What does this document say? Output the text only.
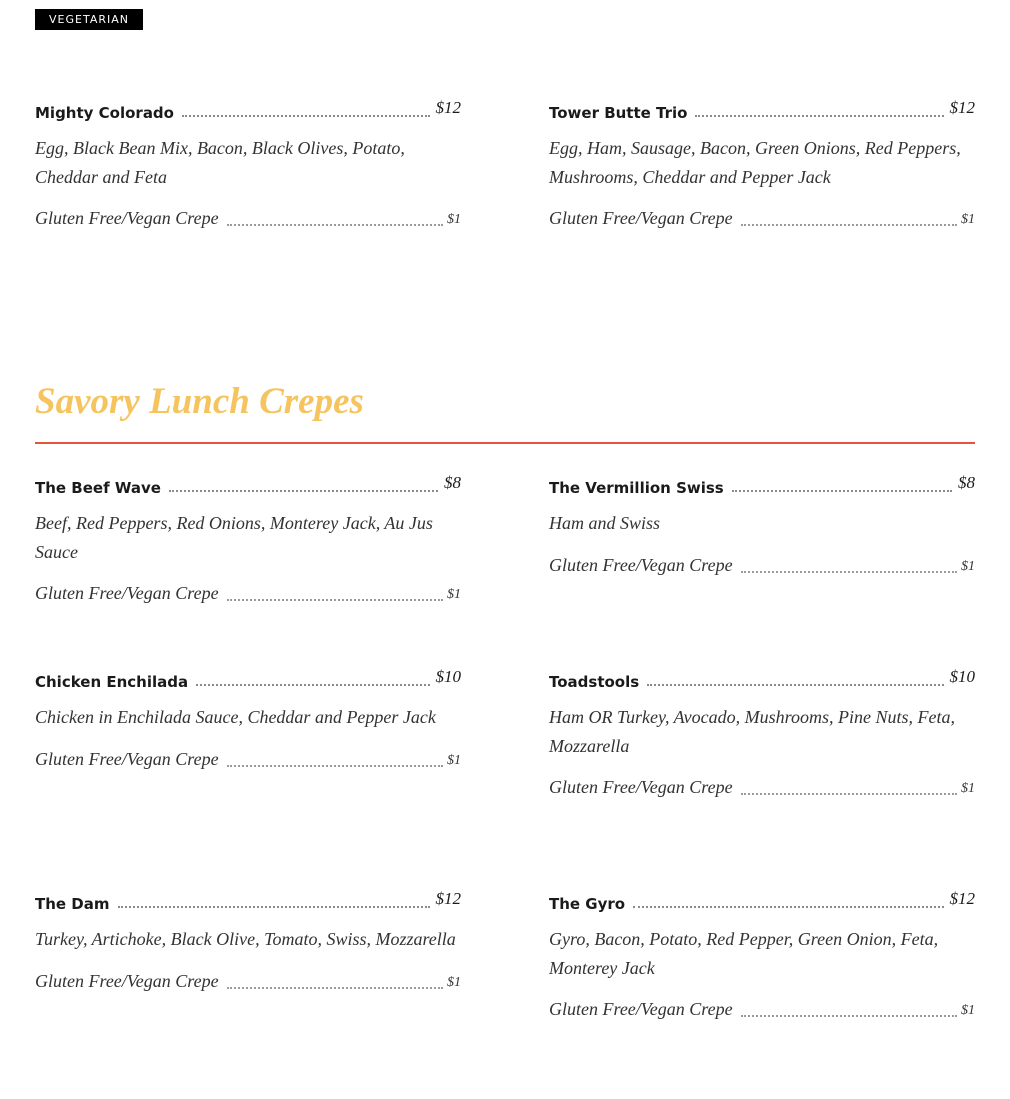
VEGETARIAN
Mighty Colorado	$12
Egg, Black Bean Mix, Bacon, Black Olives, Potato, Cheddar and Feta
Gluten Free/Vegan Crepe	$1
Tower Butte Trio	$12
Egg, Ham, Sausage, Bacon, Green Onions, Red Peppers, Mushrooms, Cheddar and Pepper Jack
Gluten Free/Vegan Crepe	$1
Savory Lunch Crepes
The Beef Wave	$8
Beef, Red Peppers, Red Onions, Monterey Jack, Au Jus Sauce
Gluten Free/Vegan Crepe	$1
The Vermillion Swiss	$8
Ham and Swiss
Gluten Free/Vegan Crepe	$1
Chicken Enchilada	$10
Chicken in Enchilada Sauce, Cheddar and Pepper Jack
Gluten Free/Vegan Crepe	$1
Toadstools	$10
Ham OR Turkey, Avocado, Mushrooms, Pine Nuts, Feta, Mozzarella
Gluten Free/Vegan Crepe	$1
The Dam	$12
Turkey, Artichoke, Black Olive, Tomato, Swiss, Mozzarella
Gluten Free/Vegan Crepe	$1
The Gyro	$12
Gyro, Bacon, Potato, Red Pepper, Green Onion, Feta, Monterey Jack
Gluten Free/Vegan Crepe	$1
